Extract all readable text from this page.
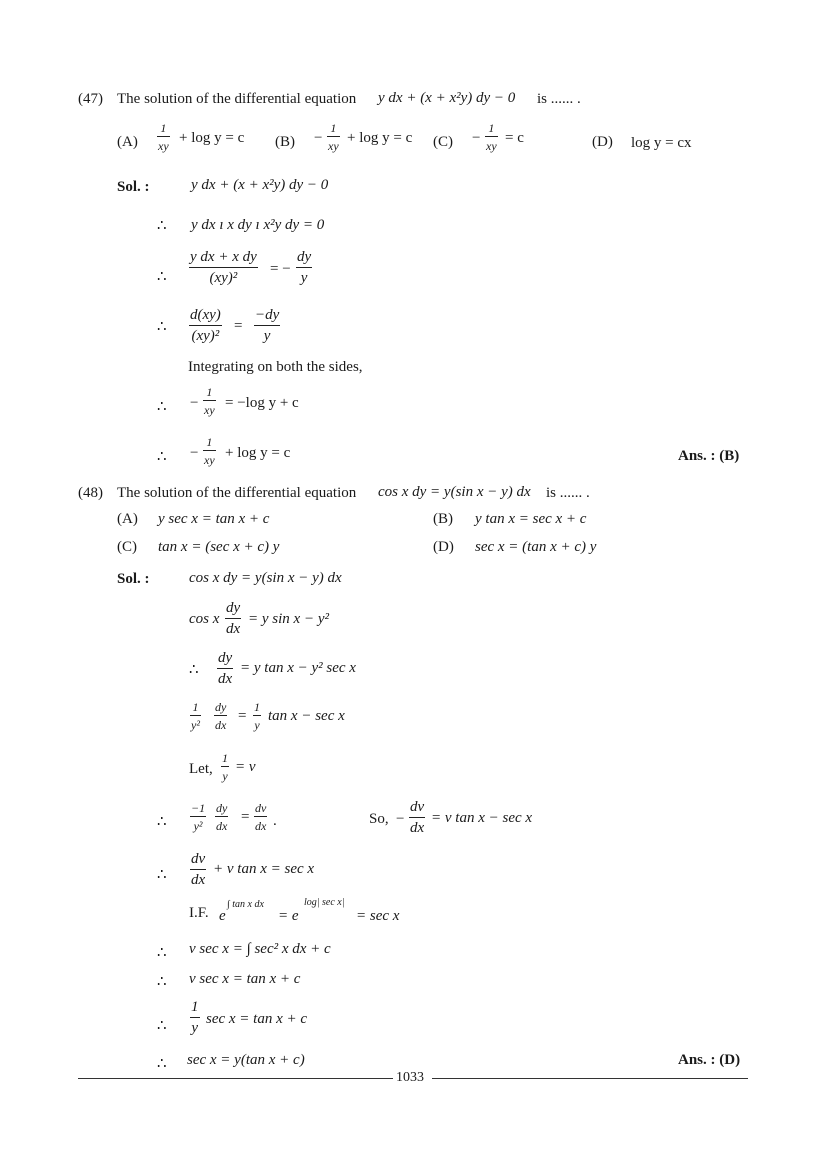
(47) The solution of the differential equation y dx + (x + x²y) dy − 0 is ...... .
$(A) \frac{1}{xy} + \log y = c$ $(B) - \frac{1}{xy} + \log y = c$ $(C) - \frac{1}{xy} = c$	(D) log y = cx
Sol. :	y dx + (x + x²y) dy − 0
∴ y dx ı x dy ı x²y dy = 0
∴ $\frac{\text{y dx + x dy}}{\text{(xy)²}}$ = − $\frac{dy}{y}$
∴ $\frac{d(xy)}{\text{(xy)²}} = \frac{-dy}{y}$
Integrating on both the sides,
∴ − $\frac{1}{xy} = -\log$ y + c
∴ − $\frac{1}{xy} + \log y = c$	Ans. : (B)
(48) The solution of the differential equation cos x dy = y(sin x − y) dx is ...... .
(A) y sec x = tan x + c	(B) y tan x = sec x + c
(C) tan x = (sec x + c) y	(D) sec x = (tan x + c) y
Sol. :	cos x dy = y(sin x − y) dx
cos x $\frac{dy}{dx} = y$ sin x − y²
∴ $\frac{dy}{dx} = y$ tan x − y² sec x
$\frac{1}{\text{y²}} \frac{dy}{dx} = \frac{1}{y}$ tan x − sec x
Let, $\frac{1}{y} = v$
∴ $\frac{-1}{\text{y²}} \frac{dy}{dx} = \frac{dv}{dx}$ .	So, − $\frac{dv}{dx} = v$ tan x − sec x
∴ $\frac{dv}{dx} + v$ tan x = sec x
I.F. e
∫ tan x dx
= e
log| sec x|
= sec x
∴ v sec x = ∫ sec² x dx + c
∴ v sec x = tan x + c
∴ $\frac{1}{y}$ sec x = tan x + c
∴ sec x = y(tan x + c)	Ans. : (D)
1033
